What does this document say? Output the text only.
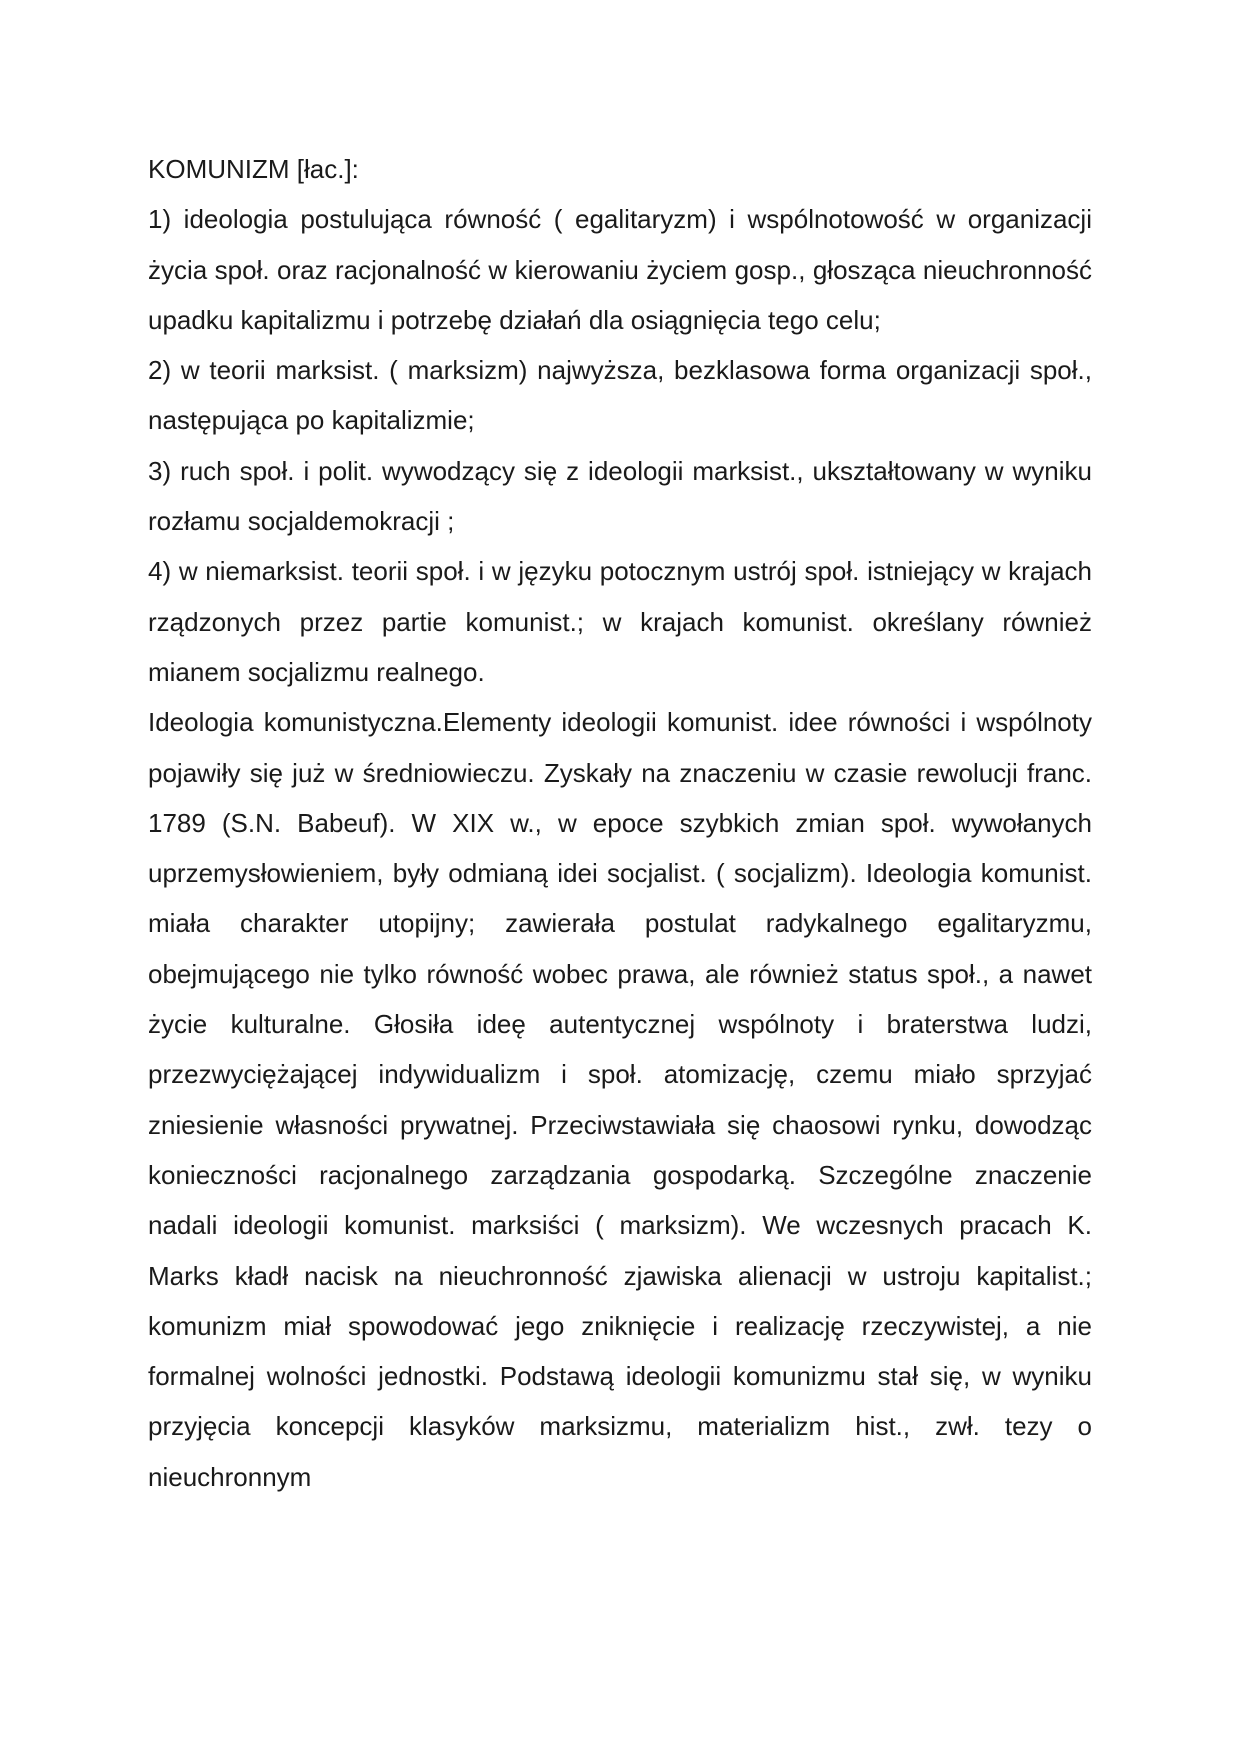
KOMUNIZM [łac.]:

1) ideologia postulująca równość ( egalitaryzm) i wspólnotowość w organizacji życia społ. oraz racjonalność w kierowaniu życiem gosp., głosząca nieuchronność upadku kapitalizmu i potrzebę działań dla osiągnięcia tego celu;

2) w teorii marksist. ( marksizm) najwyższa, bezklasowa forma organizacji społ., następująca po kapitalizmie;

3) ruch społ. i polit. wywodzący się z ideologii marksist., ukształtowany w wyniku rozłamu socjaldemokracji ;

4) w niemarksist. teorii społ. i w języku potocznym ustrój społ. istniejący w krajach rządzonych przez partie komunist.; w krajach komunist. określany również mianem socjalizmu realnego.

Ideologia komunistyczna.Elementy ideologii komunist. idee równości i wspólnoty pojawiły się już w średniowieczu. Zyskały na znaczeniu w czasie rewolucji franc. 1789 (S.N. Babeuf). W XIX w., w epoce szybkich zmian społ. wywołanych uprzemysłowieniem, były odmianą idei socjalist. ( socjalizm). Ideologia komunist. miała charakter utopijny; zawierała postulat radykalnego egalitaryzmu, obejmującego nie tylko równość wobec prawa, ale również status społ., a nawet życie kulturalne. Głosiła ideę autentycznej wspólnoty i braterstwa ludzi, przezwyciężającej indywidualizm i społ. atomizację, czemu miało sprzyjać zniesienie własności prywatnej. Przeciwstawiała się chaosowi rynku, dowodząc konieczności racjonalnego zarządzania gospodarką. Szczególne znaczenie nadali ideologii komunist. marksiści ( marksizm). We wczesnych pracach K. Marks kładł nacisk na nieuchronność zjawiska alienacji w ustroju kapitalist.; komunizm miał spowodować jego zniknięcie i realizację rzeczywistej, a nie formalnej wolności jednostki. Podstawą ideologii komunizmu stał się, w wyniku przyjęcia koncepcji klasyków marksizmu, materializm hist., zwł. tezy o nieuchronnym
